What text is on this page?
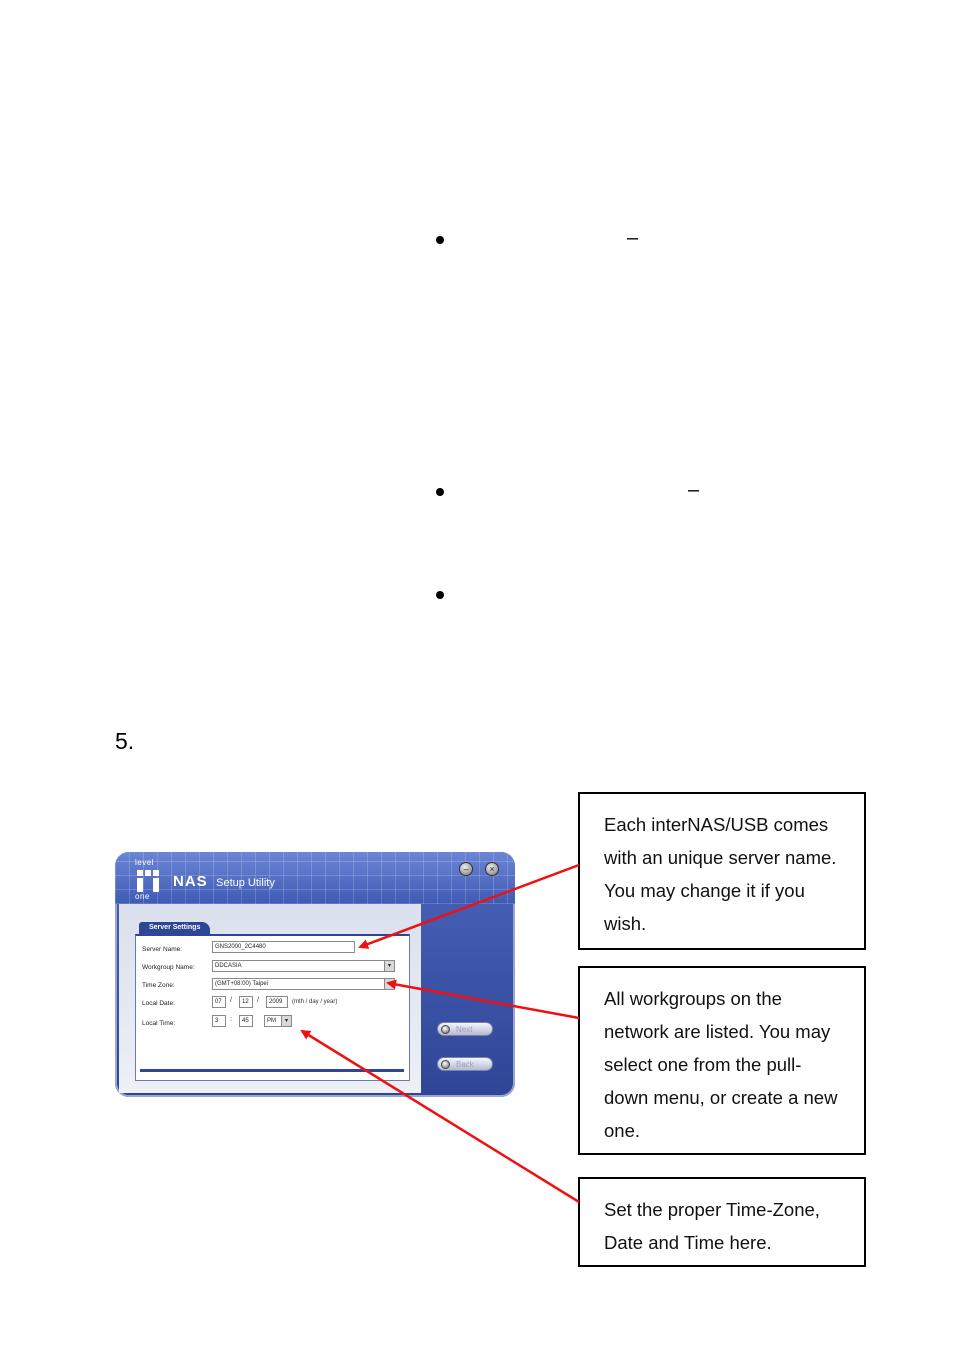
–
–
5.
Each interNAS/USB comes with an unique server name. You may change it if you wish.
All workgroups on the network are listed. You may select one from the pull-down menu, or create a new one.
Set the proper Time-Zone, Date and Time here.
level
one
NAS Setup Utility
–	×
Server Settings
Server Name:	GNS2000_2C4480
Workgroup Name:	DDCASIA	▾
Time Zone:	(GMT+08:00) Taipei
Local Date:	07	/	12	/	2009	(mth / day / year)
Local Time:	3	:	45	PM	▾
Next
Back
